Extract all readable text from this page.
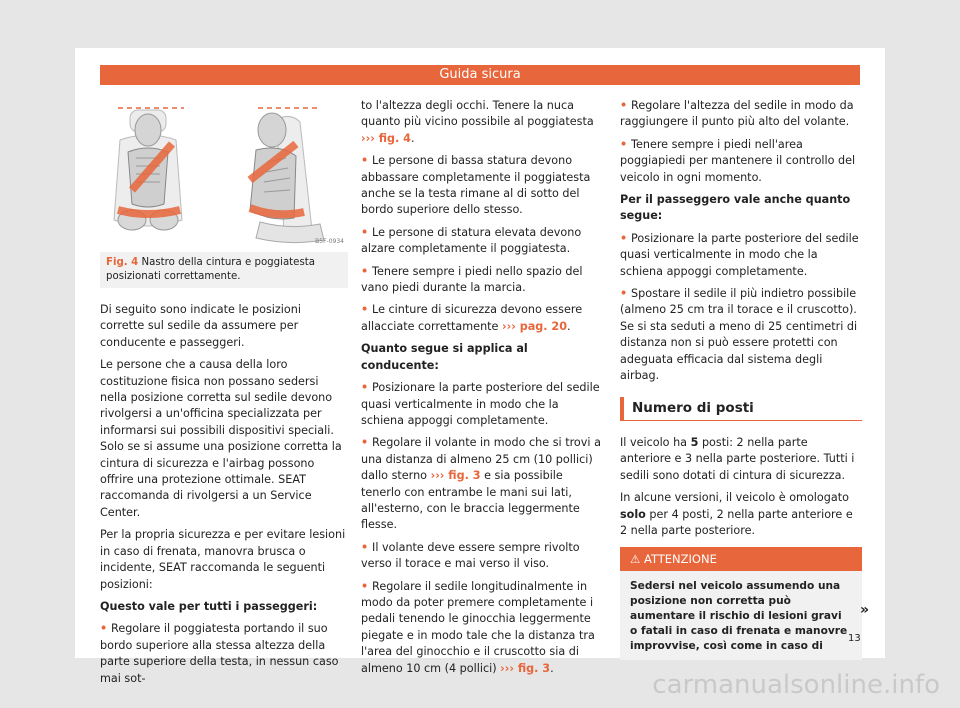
Guida sicura
B5F-0934
Fig. 4 Nastro della cintura e poggiatesta posizionati correttamente.

Di seguito sono indicate le posizioni corrette sul sedile da assumere per conducente e passeggeri.

Le persone che a causa della loro costituzione fisica non possano sedersi nella posizione corretta sul sedile devono rivolgersi a un'officina specializzata per informarsi sui possibili dispositivi speciali. Solo se si assume una posizione corretta la cintura di sicurezza e l'airbag possono offrire una protezione ottimale. SEAT raccomanda di rivolgersi a un Service Center.

Per la propria sicurezza e per evitare lesioni in caso di frenata, manovra brusca o incidente, SEAT raccomanda le seguenti posizioni:

Questo vale per tutti i passeggeri:

• Regolare il poggiatesta portando il suo bordo superiore alla stessa altezza della parte superiore della testa, in nessun caso mai sot-

to l'altezza degli occhi. Tenere la nuca quanto più vicino possibile al poggiatesta ››› fig. 4.

• Le persone di bassa statura devono abbassare completamente il poggiatesta anche se la testa rimane al di sotto del bordo superiore dello stesso.

• Le persone di statura elevata devono alzare completamente il poggiatesta.

• Tenere sempre i piedi nello spazio del vano piedi durante la marcia.

• Le cinture di sicurezza devono essere allacciate correttamente ››› pag. 20.

Quanto segue si applica al conducente:

• Posizionare la parte posteriore del sedile quasi verticalmente in modo che la schiena appoggi completamente.

• Regolare il volante in modo che si trovi a una distanza di almeno 25 cm (10 pollici) dallo sterno ››› fig. 3 e sia possibile tenerlo con entrambe le mani sui lati, all'esterno, con le braccia leggermente flesse.

• Il volante deve essere sempre rivolto verso il torace e mai verso il viso.

• Regolare il sedile longitudinalmente in modo da poter premere completamente i pedali tenendo le ginocchia leggermente piegate e in modo tale che la distanza tra l'area del ginocchio e il cruscotto sia di almeno 10 cm (4 pollici) ››› fig. 3.

• Regolare l'altezza del sedile in modo da raggiungere il punto più alto del volante.

• Tenere sempre i piedi nell'area poggiapiedi per mantenere il controllo del veicolo in ogni momento.

Per il passeggero vale anche quanto segue:

• Posizionare la parte posteriore del sedile quasi verticalmente in modo che la schiena appoggi completamente.

• Spostare il sedile il più indietro possibile (almeno 25 cm tra il torace e il cruscotto). Se si sta seduti a meno di 25 centimetri di distanza non si può essere protetti con adeguata efficacia dal sistema degli airbag.

Numero di posti

Il veicolo ha 5 posti: 2 nella parte anteriore e 3 nella parte posteriore. Tutti i sedili sono dotati di cintura di sicurezza.

In alcune versioni, il veicolo è omologato solo per 4 posti, 2 nella parte anteriore e 2 nella parte posteriore.

⚠ ATTENZIONE
Sedersi nel veicolo assumendo una posizione non corretta può aumentare il rischio di lesioni gravi o fatali in caso di frenata e manovre improvvise, così come in caso di
»
13
carmanualsonline.info
